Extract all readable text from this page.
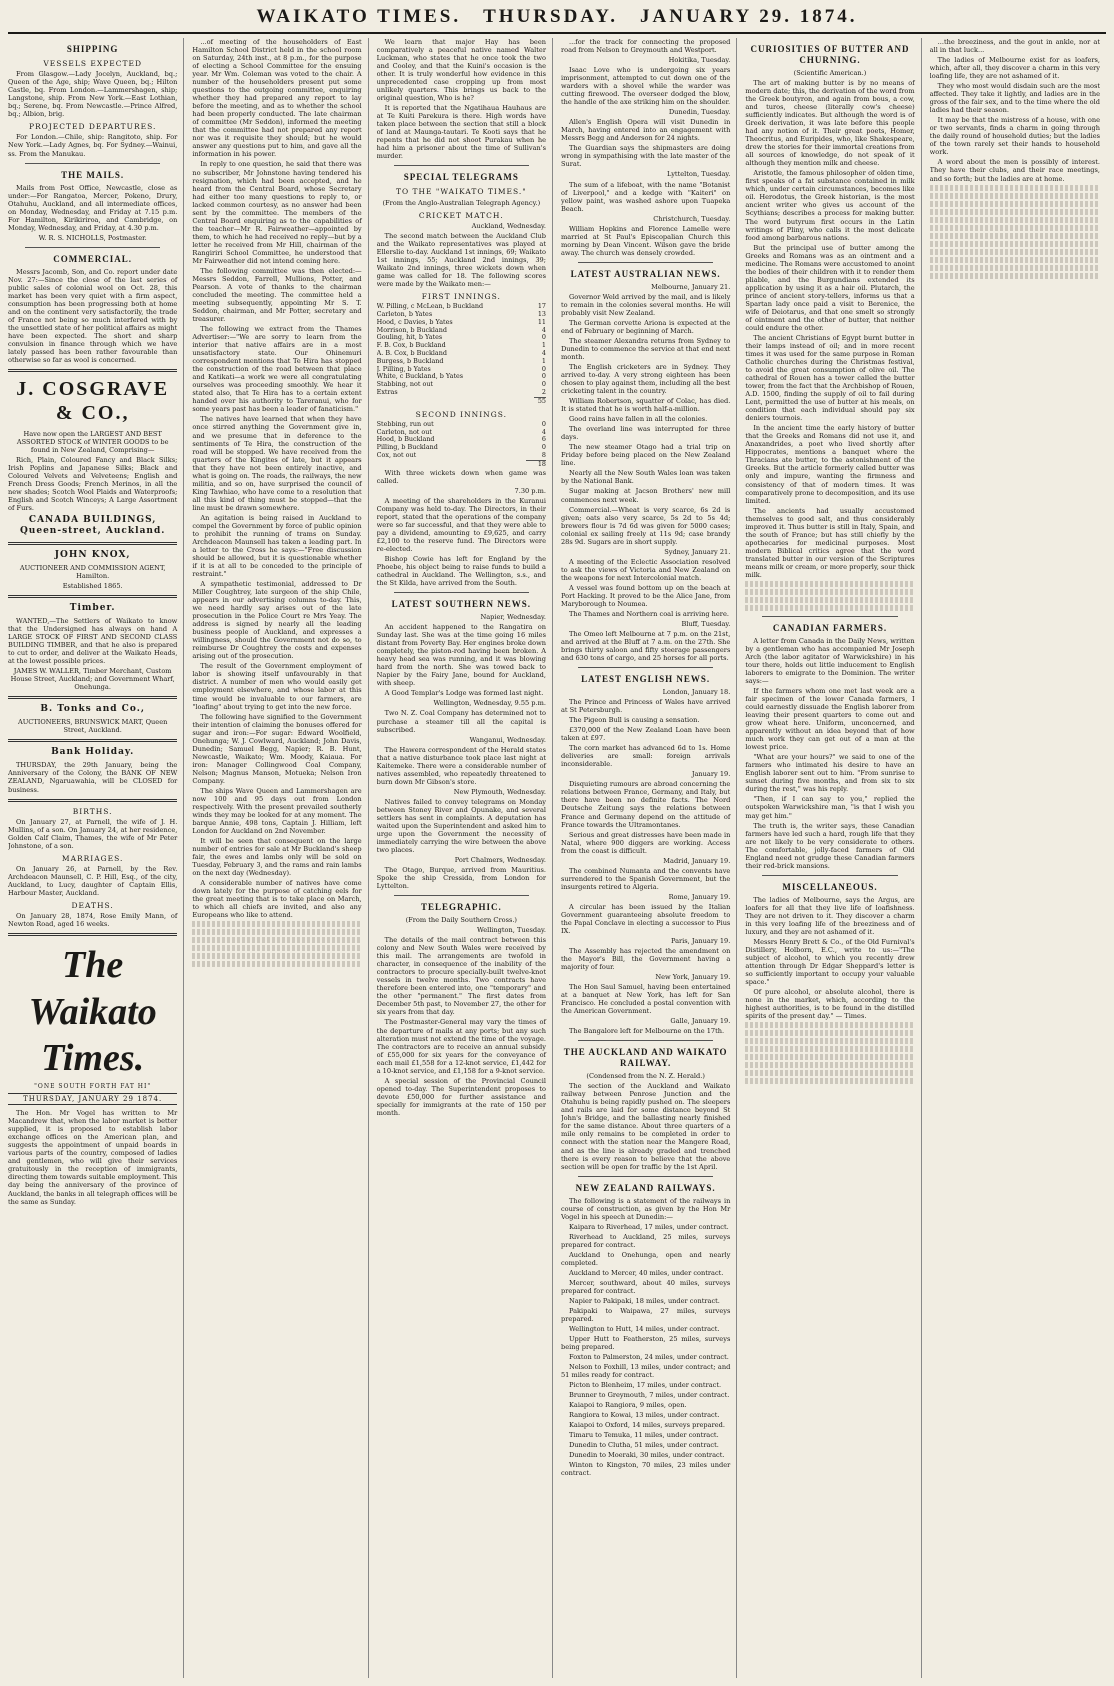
WAIKATO TIMES. THURSDAY. JANUARY 29. 1874.
SHIPPING
VESSELS EXPECTED

From Glasgow.—Lady Jocelyn, Auckland, bq.; Queen of the Age, ship; Wave Queen, bq.; Hilton Castle, bq. From London.—Lammershagen, ship; Langstone, ship. From New York.—East Lothian, bq.; Serene, bq. From Newcastle.—Prince Alfred, bq.; Albion, brig.

PROJECTED DEPARTURES.

For London.—Chile, ship: Rangitoto, ship. For New York.—Lady Agnes, bq. For Sydney.—Wainui, ss. From the Manukau.

THE MAILS.

Mails from Post Office, Newcastle, close as under:—For Rangatoa, Mercer, Pokeno, Drury, Otahuhu, Auckland, and all intermediate offices, on Monday, Wednesday, and Friday at 7.15 p.m. For Hamilton, Kirikiriroa, and Cambridge, on Monday, Wednesday, and Friday, at 4.30 p.m.

W. R. S. NICHOLLS, Postmaster.

COMMERCIAL.

Messrs Jacomb, Son, and Co. report under date Nov. 27:—Since the close of the last series of public sales of colonial wool on Oct. 28, this market has been very quiet with a firm aspect, consumption has been progressing both at home and on the continent very satisfactorily, the trade of France not being so much interfered with by the unsettled state of her political affairs as might have been expected. The short and sharp convulsion in finance through which we have lately passed has been rather favourable than otherwise so far as wool is concerned.

J. COSGRAVE & CO.,

Have now open the LARGEST AND BEST ASSORTED STOCK of WINTER GOODS to be found in New Zealand, Comprising—

Rich, Plain, Coloured Fancy and Black Silks; Irish Poplins and Japanese Silks; Black and Coloured Velvets and Velveteens; English and French Dress Goods; French Merinos, in all the new shades; Scotch Wool Plaids and Waterproofs; English and Scotch Winceys; A Large Assortment of Furs.

CANADA BUILDINGS, Queen-street, Auckland.
JOHN KNOX,

AUCTIONEER AND COMMISSION AGENT, Hamilton.

Established 1865.

Timber.

WANTED,—The Settlers of Waikato to know that the Undersigned has always on hand A LARGE STOCK OF FIRST AND SECOND CLASS BUILDING TIMBER, and that he also is prepared to cut to order, and deliver at the Waikato Heads, at the lowest possible prices.

JAMES W. WALLER, Timber Merchant, Custom House Street, Auckland; and Government Wharf, Onehunga.

B. Tonks and Co.,

AUCTIONEERS, BRUNSWICK MART, Queen Street, Auckland.

Bank Holiday.

THURSDAY, the 29th January, being the Anniversary of the Colony, the BANK OF NEW ZEALAND, Ngaruawahia, will be CLOSED for business.

BIRTHS.

On January 27, at Parnell, the wife of J. H. Mullins, of a son. On January 24, at her residence, Golden Calf Claim, Thames, the wife of Mr Peter Johnstone, of a son.

MARRIAGES.

On January 26, at Parnell, by the Rev. Archdeacon Maunsell, C. P. Hill, Esq., of the city, Auckland, to Lucy, daughter of Captain Ellis, Harbour Master, Auckland.

DEATHS.

On January 28, 1874, Rose Emily Mann, of Newton Road, aged 16 weeks.

The Waikato Times.
"ONE SOUTH FORTH FAT HI"
THURSDAY, JANUARY 29 1874.

The Hon. Mr Vogel has written to Mr Macandrew that, when the labor market is better supplied, it is proposed to establish labor exchange offices on the American plan, and suggests the appointment of unpaid boards in various parts of the country, composed of ladies and gentlemen, who will give their services gratuitously in the reception of immigrants, directing them towards suitable employment. This day being the anniversary of the province of Auckland, the banks in all telegraph offices will be the same as Sunday.

...of meeting of the householders of East Hamilton School District held in the school room on Saturday, 24th inst., at 8 p.m., for the purpose of electing a School Committee for the ensuing year. Mr Wm. Coleman was voted to the chair. A number of the householders present put some questions to the outgoing committee, enquiring whether they had prepared any report to lay before the meeting, and as to whether the school had been properly conducted. The late chairman of committee (Mr Seddon), informed the meeting that the committee had not prepared any report nor was it requisite they should; but he would answer any questions put to him, and gave all the information in his power.

In reply to one question, he said that there was no subscriber, Mr Johnstone having tendered his resignation, which had been accepted, and he heard from the Central Board, whose Secretary had either too many questions to reply to, or lacked common courtesy, as no answer had been sent by the committee. The members of the Central Board enquiring as to the capabilities of the teacher—Mr R. Fairweather—appointed by them, to which he had received no reply—but by a letter he received from Mr Hill, chairman of the Rangiriri School Committee, he understood that Mr Fairweather did not intend coming here.

The following committee was then elected:—Messrs Seddon, Farrell, Mullions, Potter, and Pearson. A vote of thanks to the chairman concluded the meeting. The committee held a meeting subsequently, appointing Mr S. T. Seddon, chairman, and Mr Potter, secretary and treasurer.

The following we extract from the Thames Advertiser:—"We are sorry to learn from the interior that native affairs are in a most unsatisfactory state. Our Ohinemuri correspondent mentions that Te Hira has stopped the construction of the road between that place and Katikati—a work we were all congratulating ourselves was proceeding smoothly. We hear it stated also, that Te Hira has to a certain extent handed over his authority to Tareranui, who for some years past has been a leader of fanaticism."

The natives have learned that when they have once stirred anything the Government give in, and we presume that in deference to the sentiments of Te Hira, the construction of the road will be stopped. We have received from the quarters of the Kingites of late, but it appears that they have not been entirely inactive, and what is going on. The roads, the railways, the new militia, and so on, have surprised the council of King Tawhiao, who have come to a resolution that all this kind of thing must be stopped—that the line must be drawn somewhere.

An agitation is being raised in Auckland to compel the Government by force of public opinion to prohibit the running of trams on Sunday. Archdeacon Maunsell has taken a leading part. In a letter to the Cross he says:—"Free discussion should be allowed, but it is questionable whether if it is at all to be conceded to the principle of restraint."

A sympathetic testimonial, addressed to Dr Miller Coughtrey, late surgeon of the ship Chile, appears in our advertising columns to-day. This, we need hardly say arises out of the late prosecution in the Police Court re Mrs Yeay. The address is signed by nearly all the leading business people of Auckland, and expresses a willingness, should the Government not do so, to reimburse Dr Coughtrey the costs and expenses arising out of the prosecution.

The result of the Government employment of labor is showing itself unfavourably in that district. A number of men who would easily get employment elsewhere, and whose labor at this time would be invaluable to our farmers, are "loafing" about trying to get into the new force.

The following have signified to the Government their intention of claiming the bonuses offered for sugar and iron:—For sugar: Edward Woolfield, Onehunga; W. J. Cowlward, Auckland; John Davis, Dunedin; Samuel Begg, Napier; R. B. Hunt, Newcastle, Waikato; Wm. Moody, Kaiaua. For iron: Manager Collingwood Coal Company, Nelson; Magnus Manson, Motueka; Nelson Iron Company.

The ships Wave Queen and Lammershagen are now 100 and 95 days out from London respectively. With the present prevailed southerly winds they may be looked for at any moment. The barque Annie, 498 tons, Captain J. Hilliam, left London for Auckland on 2nd November.

It will be seen that consequent on the large number of entries for sale at Mr Buckland's sheep fair, the ewes and lambs only will be sold on Tuesday, February 3, and the rams and rain lambs on the next day (Wednesday).

A considerable number of natives have come down lately for the purpose of catching eels for the great meeting that is to take place on March, to which all chiefs are invited, and also any Europeans who like to attend.

We learn that major Hay has been comparatively a peaceful native named Walter Luckman, who states that he once took the two and Cooley, and that the Kuini's occasion is the other. It is truly wonderful how evidence in this unprecedented case cropping up from most unlikely quarters. This brings us back to the original question, Who is he?

It is reported that the Ngatihaua Hauhaus are at Te Kuiti Parekura is there. High words have taken place between the section that still a block of land at Maunga-tautari. Te Kooti says that he repents that he did not shoot Purakau when he had him a prisoner about the time of Sullivan's murder.

SPECIAL TELEGRAMS
TO THE "WAIKATO TIMES."

(From the Anglo-Australian Telegraph Agency.)

CRICKET MATCH.

Auckland, Wednesday.

The second match between the Auckland Club and the Waikato representatives was played at Ellerslie to-day. Auckland 1st innings, 69; Waikato 1st innings, 55; Auckland 2nd innings, 39; Waikato 2nd innings, three wickets down when game was called for 18. The following scores were made by the Waikato men:—

FIRST INNINGS.
W. Pilling, c McLean, b Buckland	17
Carleton, b Yates	13
Hood, c Davies, b Yates	11
Morrison, b Buckland	4
Gouling, hit, b Yates	0
F. B. Cox, b Buckland	1
A. B. Cox, b Buckland	4
Burgess, b Buckland	1
J. Pilling, b Yates	0
White, c Buckland, b Yates	0
Stabbing, not out	0
Extras	2
	55
SECOND INNINGS.
Stebbing, run out	0
Carleton, not out	4
Hood, b Buckland	6
Pilling, b Buckland	0
Cox, not out	8
	18

With three wickets down when game was called.

7.30 p.m.

A meeting of the shareholders in the Kuranui Company was held to-day. The Directors, in their report, stated that the operations of the company were so far successful, and that they were able to pay a dividend, amounting to £9,625, and carry £2,100 to the reserve fund. The Directors were re-elected.

Bishop Cowie has left for England by the Phoebe, his object being to raise funds to build a cathedral in Auckland. The Wellington, s.s., and the St Kilda, have arrived from the South.

LATEST SOUTHERN NEWS.

Napier, Wednesday.

An accident happened to the Rangatira on Sunday last. She was at the time going 16 miles distant from Poverty Bay. Her engines broke down completely, the piston-rod having been broken. A heavy head sea was running, and it was blowing hard from the north. She was towed back to Napier by the Fairy Jane, bound for Auckland, with sheep.

A Good Templar's Lodge was formed last night.

Wellington, Wednesday, 9.55 p.m.

Two N. Z. Coal Company has determined not to purchase a steamer till all the capital is subscribed.

Wanganui, Wednesday.

The Hawera correspondent of the Herald states that a native disturbance took place last night at Kaitemeke. There were a considerable number of natives assembled, who repeatedly threatened to burn down Mr Gibson's store.

New Plymouth, Wednesday.

Natives failed to convey telegrams on Monday between Stoney River and Opunake, and several settlers has sent in complaints. A deputation has waited upon the Superintendent and asked him to urge upon the Government the necessity of immediately carrying the wire between the above two places.

Port Chalmers, Wednesday.

The Otago, Burque, arrived from Mauritius. Spoke the ship Cressida, from London for Lyttelton.

TELEGRAPHIC.

(From the Daily Southern Cross.)

Wellington, Tuesday.

The details of the mail contract between this colony and New South Wales were received by this mail. The arrangements are twofold in character, in consequence of the inability of the contractors to procure specially-built twelve-knot vessels in twelve months. Two contracts have therefore been entered into, one "temporary" and the other "permanent." The first dates from December 5th past, to November 27, the other for six years from that day.

The Postmaster-General may vary the times of the departure of mails at any ports; but any such alteration must not extend the time of the voyage. The contractors are to receive an annual subsidy of £55,000 for six years for the conveyance of each mail £1,558 for a 12-knot service, £1,442 for a 10-knot service, and £1,158 for a 9-knot service.

A special session of the Provincial Council opened to-day. The Superintendent proposes to devote £50,000 for further assistance and specially for immigrants at the rate of 150 per month.

...for the track for connecting the proposed road from Nelson to Greymouth and Westport.

Hokitika, Tuesday.

Isaac Love who is undergoing six years imprisonment, attempted to cut down one of the warders with a shovel while the warder was cutting firewood. The overseer dodged the blow, the handle of the axe striking him on the shoulder.

Dunedin, Tuesday.

Allen's English Opera will visit Dunedin in March, having entered into an engagement with Messrs Begg and Anderson for 24 nights.

The Guardian says the shipmasters are doing wrong in sympathising with the late master of the Surat.

Lyttelton, Tuesday.

The sum of a lifeboat, with the name "Botanist of Liverpool," and a kedge with "Kaiteri" on yellow paint, was washed ashore upon Tuapeka Beach.

Christchurch, Tuesday.

William Hopkins and Florence Lamelle were married at St Paul's Episcopalian Church this morning by Dean Vincent. Wilson gave the bride away. The church was densely crowded.

LATEST AUSTRALIAN NEWS.

Melbourne, January 21.

Governor Weld arrived by the mail, and is likely to remain in the colonies several months. He will probably visit New Zealand.

The German corvette Ariona is expected at the end of February or beginning of March.

The steamer Alexandra returns from Sydney to Dunedin to commence the service at that end next month.

The English cricketers are in Sydney. They arrived to-day. A very strong eighteen has been chosen to play against them, including all the best cricketing talent in the country.

William Robertson, squatter of Colac, has died. It is stated that he is worth half-a-million.

Good rains have fallen in all the colonies.

The overland line was interrupted for three days.

The new steamer Otago had a trial trip on Friday before being placed on the New Zealand line.

Nearly all the New South Wales loan was taken by the National Bank.

Sugar making at Jacson Brothers' new mill commences next week.

Commercial.—Wheat is very scarce, 6s 2d is given; oats also very scarce, 5s 2d to 5s 4d; brewers flour is 7d 6d was given for 5000 cases; colonial ex sailing freely at 11s 9d; case brandy 28s 9d. Sugars are in short supply.

Sydney, January 21.

A meeting of the Eclectic Association resolved to ask the views of Victoria and New Zealand on the weapons for next Intercolonial match.

A vessel was found bottom up on the beach at Port Hacking. It proved to be the Alice Jane, from Maryborough to Noumea.

The Thames and Northern coal is arriving here.

Bluff, Tuesday.

The Omeo left Melbourne at 7 p.m. on the 21st, and arrived at the Bluff at 7 a.m. on the 27th. She brings thirty saloon and fifty steerage passengers and 630 tons of cargo, and 25 horses for all ports.

LATEST ENGLISH NEWS.

London, January 18.

The Prince and Princess of Wales have arrived at St Petersburgh.

The Pigeon Bull is causing a sensation.

£370,000 of the New Zealand Loan have been taken at £97.

The corn market has advanced 6d to 1s. Home deliveries are small: foreign arrivals inconsiderable.

January 19.

Disquieting rumours are abroad concerning the relations between France, Germany, and Italy, but there have been no definite facts. The Nord Deutsche Zeitung says the relations between France and Germany depend on the attitude of France towards the Ultramontanes.

Serious and great distresses have been made in Natal, where 900 diggers are working. Access from the coast is difficult.

Madrid, January 19.

The combined Numanta and the convents have surrendered to the Spanish Government, but the insurgents retired to Algeria.

Rome, January 19.

A circular has been issued by the Italian Government guaranteeing absolute freedom to the Papal Conclave in electing a successor to Pius IX.

Paris, January 19.

The Assembly has rejected the amendment on the Mayor's Bill, the Government having a majority of four.

New York, January 19.

The Hon Saul Samuel, having been entertained at a banquet at New York, has left for San Francisco. He concluded a postal convention with the American Government.

Galle, January 19.

The Bangalore left for Melbourne on the 17th.

THE AUCKLAND AND WAIKATO RAILWAY.

(Condensed from the N. Z. Herald.)

The section of the Auckland and Waikato railway between Penrose Junction and the Otahuhu is being rapidly pushed on. The sleepers and rails are laid for some distance beyond St John's Bridge, and the ballasting nearly finished for the same distance. About three quarters of a mile only remains to be completed in order to connect with the station near the Mangere Road, and as the line is already graded and trenched there is every reason to believe that the above section will be open for traffic by the 1st April.

NEW ZEALAND RAILWAYS.

The following is a statement of the railways in course of construction, as given by the Hon Mr Vogel in his speech at Dunedin:—

Kaipara to Riverhead, 17 miles, under contract.

Riverhead to Auckland, 25 miles, surveys prepared for contract.

Auckland to Onehunga, open and nearly completed.

Auckland to Mercer, 40 miles, under contract.

Mercer, southward, about 40 miles, surveys prepared for contract.

Napier to Pakipaki, 18 miles, under contract.

Pakipaki to Waipawa, 27 miles, surveys prepared.

Wellington to Hutt, 14 miles, under contract.

Upper Hutt to Featherston, 25 miles, surveys being prepared.

Foxton to Palmerston, 24 miles, under contract.

Nelson to Foxhill, 13 miles, under contract; and 51 miles ready for contract.

Picton to Blenheim, 17 miles, under contract.

Brunner to Greymouth, 7 miles, under contract.

Kaiapoi to Rangiora, 9 miles, open.

Rangiora to Kowai, 13 miles, under contract.

Kaiapoi to Oxford, 14 miles, surveys prepared.

Timaru to Temuka, 11 miles, under contract.

Dunedin to Clutha, 51 miles, under contract.

Dunedin to Moeraki, 30 miles, under contract.

Winton to Kingston, 70 miles, 23 miles under contract.

CURIOSITIES OF BUTTER AND CHURNING.

(Scientific American.)

The art of making butter is by no means of modern date; this, the derivation of the word from the Greek boutyron, and again from bous, a cow, and turos, cheese (literally cow's cheese) sufficiently indicates. But although the word is of Greek derivation, it was late before this people had any notion of it. Their great poets, Homer, Theocritus, and Euripides, who, like Shakespeare, drew the stories for their immortal creations from all sources of knowledge, do not speak of it although they mention milk and cheese.

Aristotle, the famous philosopher of olden time, first speaks of a fat substance contained in milk which, under certain circumstances, becomes like oil. Herodotus, the Greek historian, is the most ancient writer who gives us account of the Scythians; describes a process for making butter. The word butyrum first occurs in the Latin writings of Pliny, who calls it the most delicate food among barbarous nations.

But the principal use of butter among the Greeks and Romans was as an ointment and a medicine. The Romans were accustomed to anoint the bodies of their children with it to render them pliable, and the Burgundians extended its application by using it as a hair oil. Plutarch, the prince of ancient story-tellers, informs us that a Spartan lady once paid a visit to Berenice, the wife of Deiotarus, and that one smelt so strongly of ointment and the other of butter, that neither could endure the other.

The ancient Christians of Egypt burnt butter in their lamps instead of oil; and in more recent times it was used for the same purpose in Roman Catholic churches during the Christmas festival, to avoid the great consumption of olive oil. The cathedral of Rouen has a tower called the butter tower, from the fact that the Archbishop of Rouen, A.D. 1500, finding the supply of oil to fail during Lent, permitted the use of butter at his meals, on condition that each individual should pay six deniers tournois.

In the ancient time the early history of butter that the Greeks and Romans did not use it, and Anaxandrides, a poet who lived shortly after Hippocrates, mentions a banquet where the Thracians ate butter, to the astonishment of the Greeks. But the article formerly called butter was only and impure, wanting the firmness and consistency of that of modern times. It was comparatively prone to decomposition, and its use limited.

The ancients had usually accustomed themselves to good salt, and thus considerably improved it. Thus butter is still in Italy, Spain, and the south of France; but has still chiefly by the apothecaries for medicinal purposes. Most modern Biblical critics agree that the word translated butter in our version of the Scriptures means milk or cream, or more properly, sour thick milk.

CANADIAN FARMERS.

A letter from Canada in the Daily News, written by a gentleman who has accompanied Mr Joseph Arch (the labor agitator of Warwickshire) in his tour there, holds out little inducement to English laborers to emigrate to the Dominion. The writer says:—

If the farmers whom one met last week are a fair specimen of the lower Canada farmers, I could earnestly dissuade the English laborer from leaving their present quarters to come out and grow wheat here. Uniform, unconcerned, and apparently without an idea beyond that of how much work they can get out of a man at the lowest price.

"What are your hours?" we said to one of the farmers who intimated his desire to have an English laborer sent out to him. "From sunrise to sunset during five months, and from six to six during the rest," was his reply.

"Then, if I can say to you," replied the outspoken Warwickshire man, "is that I wish you may get him."

The truth is, the writer says, these Canadian farmers have led such a hard, rough life that they are not likely to be very considerate to others. The comfortable, jolly-faced farmers of Old England need not grudge these Canadian farmers their red-brick mansions.

MISCELLANEOUS.

The ladies of Melbourne, says the Argus, are loafers for all that they live life of loafishness. They are not driven to it. They discover a charm in this very loafing life of the breeziness and of luxury, and they are not ashamed of it.

Messrs Henry Brett & Co., of the Old Furnival's Distillery, Holborn, E.C., write to us:—"The subject of alcohol, to which you recently drew attention through Dr Edgar Sheppard's letter is so sufficiently important to occupy your valuable space."

Of pure alcohol, or absolute alcohol, there is none in the market, which, according to the highest authorities, is to be found in the distilled spirits of the present day." — Times.

...the breeziness, and the gout in ankle, nor at all in that luck...

The ladies of Melbourne exist for as loafers, which, after all, they discover a charm in this very loafing life, they are not ashamed of it.

They who most would disdain such are the most affected. They take it lightly, and ladies are in the gross of the fair sex, and to the time where the old ladies had their season.

It may be that the mistress of a house, with one or two servants, finds a charm in going through the daily round of household duties; but the ladies of the town rarely set their hands to household work.

A word about the men is possibly of interest. They have their clubs, and their race meetings, and so forth; but the ladies are at home.
